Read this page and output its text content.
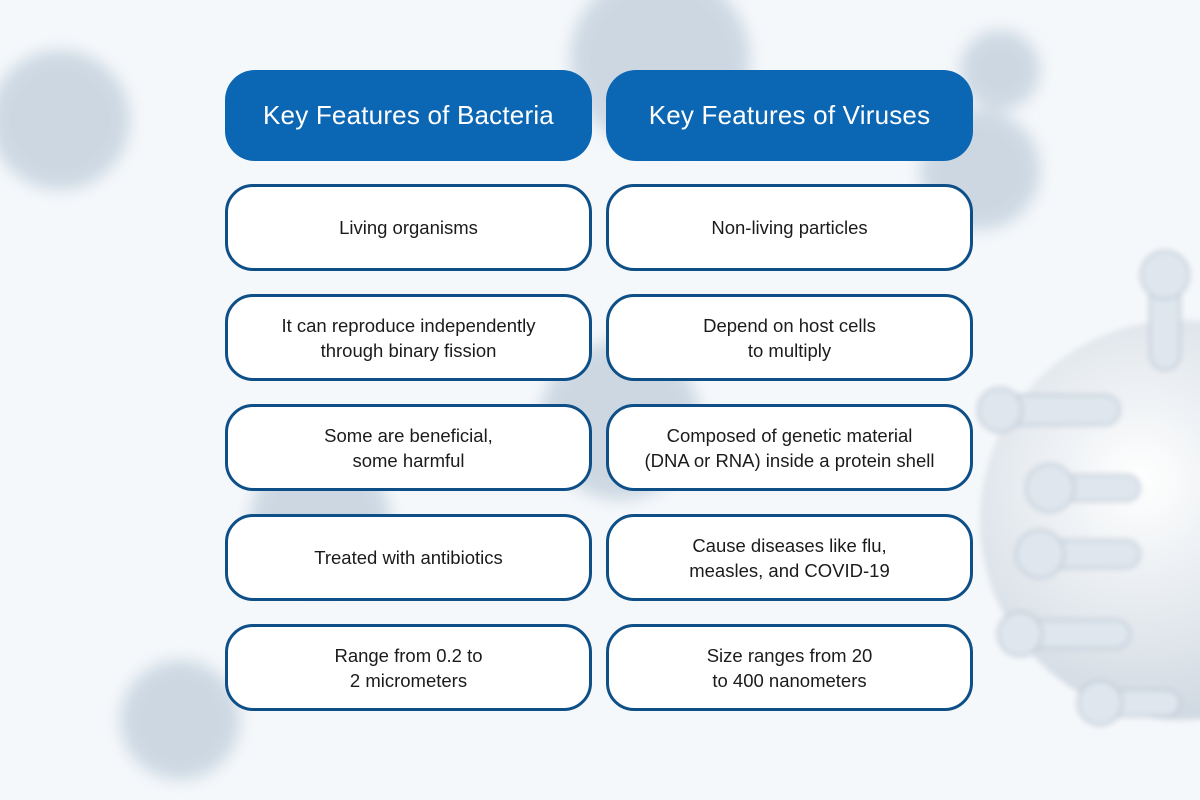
Key Features of Bacteria
Living organisms
It can reproduce independently
through binary fission
Some are beneficial,
some harmful
Treated with antibiotics
Range from 0.2 to
2 micrometers
Key Features of Viruses
Non-living particles
Depend on host cells
to multiply
Composed of genetic material
(DNA or RNA) inside a protein shell
Cause diseases like flu,
measles, and COVID-19
Size ranges from 20
to 400 nanometers
